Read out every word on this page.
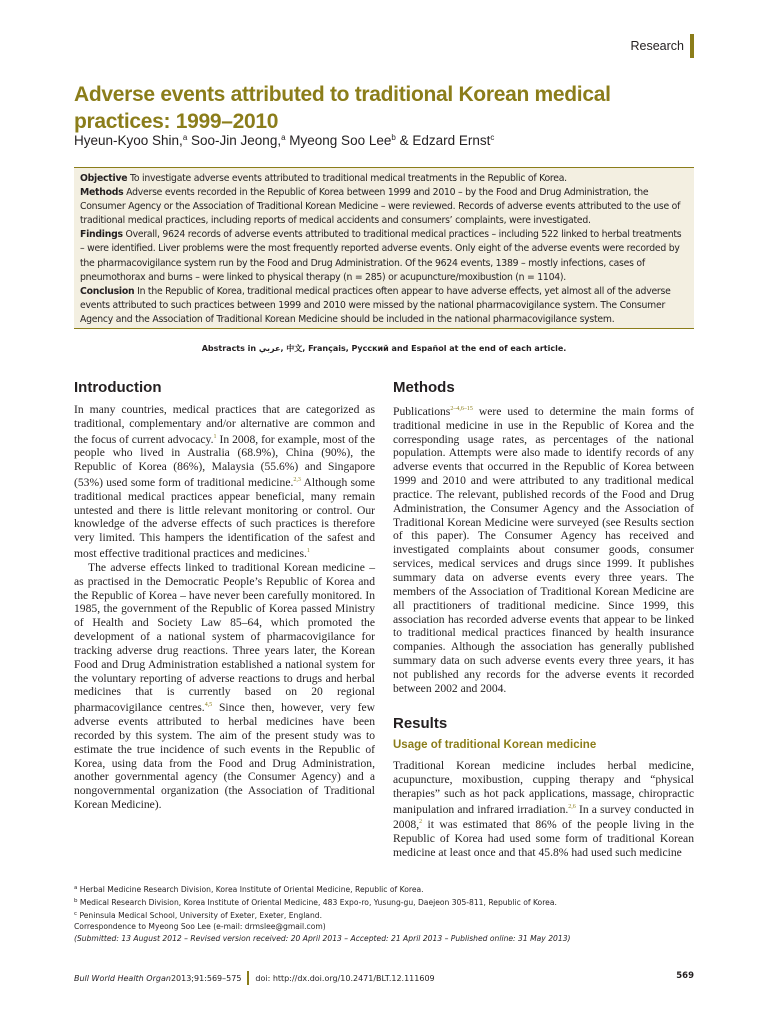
Research
Adverse events attributed to traditional Korean medical practices: 1999–2010
Hyeun-Kyoo Shin,$^a$ Soo-Jin Jeong,$^a$ Myeong Soo Lee$^b$ & Edzard Ernst$^c$

Objective To investigate adverse events attributed to traditional medical treatments in the Republic of Korea.

Methods Adverse events recorded in the Republic of Korea between 1999 and 2010 – by the Food and Drug Administration, the Consumer Agency or the Association of Traditional Korean Medicine – were reviewed. Records of adverse events attributed to the use of traditional medical practices, including reports of medical accidents and consumers’ complaints, were investigated.

Findings Overall, 9624 records of adverse events attributed to traditional medical practices – including 522 linked to herbal treatments – were identified. Liver problems were the most frequently reported adverse events. Only eight of the adverse events were recorded by the pharmacovigilance system run by the Food and Drug Administration. Of the 9624 events, 1389 – mostly infections, cases of pneumothorax and burns – were linked to physical therapy (n = 285) or acupuncture/moxibustion (n = 1104).

Conclusion In the Republic of Korea, traditional medical practices often appear to have adverse effects, yet almost all of the adverse events attributed to such practices between 1999 and 2010 were missed by the national pharmacovigilance system. The Consumer Agency and the Association of Traditional Korean Medicine should be included in the national pharmacovigilance system.

Abstracts in عربي, 中文, Français, Русский and Español at the end of each article.
Introduction

In many countries, medical practices that are categorized as traditional, complementary and/or alternative are common and the focus of current advocacy.$^1$ In 2008, for example, most of the people who lived in Australia (68.9%), China (90%), the Republic of Korea (86%), Malaysia (55.6%) and Singapore (53%) used some form of traditional medicine.$^{2,3}$ Although some traditional medical practices appear beneficial, many remain untested and there is little relevant monitoring or control. Our knowledge of the adverse effects of such practices is therefore very limited. This hampers the identification of the safest and most effective traditional practices and medicines.$^1$

The adverse effects linked to traditional Korean medicine – as practised in the Democratic People’s Republic of Korea and the Republic of Korea – have never been carefully monitored. In 1985, the government of the Republic of Korea passed Ministry of Health and Society Law 85–64, which promoted the development of a national system of pharmacovigilance for tracking adverse drug reactions. Three years later, the Korean Food and Drug Administration established a national system for the voluntary reporting of adverse reactions to drugs and herbal medicines that is currently based on 20 regional pharmacovigilance centres.$^{4,5}$ Since then, however, very few adverse events attributed to herbal medicines have been recorded by this system. The aim of the present study was to estimate the true incidence of such events in the Republic of Korea, using data from the Food and Drug Administration, another governmental agency (the Consumer Agency) and a nongovernmental organization (the Association of Traditional Korean Medicine).

Methods

Publications$^{2-4,6-15}$ were used to determine the main forms of traditional medicine in use in the Republic of Korea and the corresponding usage rates, as percentages of the national population. Attempts were also made to identify records of any adverse events that occurred in the Republic of Korea between 1999 and 2010 and were attributed to any traditional medical practice. The relevant, published records of the Food and Drug Administration, the Consumer Agency and the Association of Traditional Korean Medicine were surveyed (see Results section of this paper). The Consumer Agency has received and investigated complaints about consumer goods, consumer services, medical services and drugs since 1999. It publishes summary data on adverse events every three years. The members of the Association of Traditional Korean Medicine are all practitioners of traditional medicine. Since 1999, this association has recorded adverse events that appear to be linked to traditional medical practices financed by health insurance companies. Although the association has generally published summary data on such adverse events every three years, it has not published any records for the adverse events it recorded between 2002 and 2004.

Results
Usage of traditional Korean medicine

Traditional Korean medicine includes herbal medicine, acupuncture, moxibustion, cupping therapy and “physical therapies” such as hot pack applications, massage, chiropractic manipulation and infrared irradiation.$^{2,6}$ In a survey conducted in 2008,$^2$ it was estimated that 86% of the people living in the Republic of Korea had used some form of traditional Korean medicine at least once and that 45.8% had used such medicine

$^a$ Herbal Medicine Research Division, Korea Institute of Oriental Medicine, Republic of Korea.

$^b$ Medical Research Division, Korea Institute of Oriental Medicine, 483 Expo-ro, Yusung-gu, Daejeon 305-811, Republic of Korea.

$^c$ Peninsula Medical School, University of Exeter, Exeter, England.

Correspondence to Myeong Soo Lee (e-mail: drmslee@gmail.com)

(Submitted: 13 August 2012 – Revised version received: 20 April 2013 – Accepted: 21 April 2013 – Published online: 31 May 2013)

Bull World Health Organ 2013;91:569–575 doi: http://dx.doi.org/10.2471/BLT.12.111609	569
